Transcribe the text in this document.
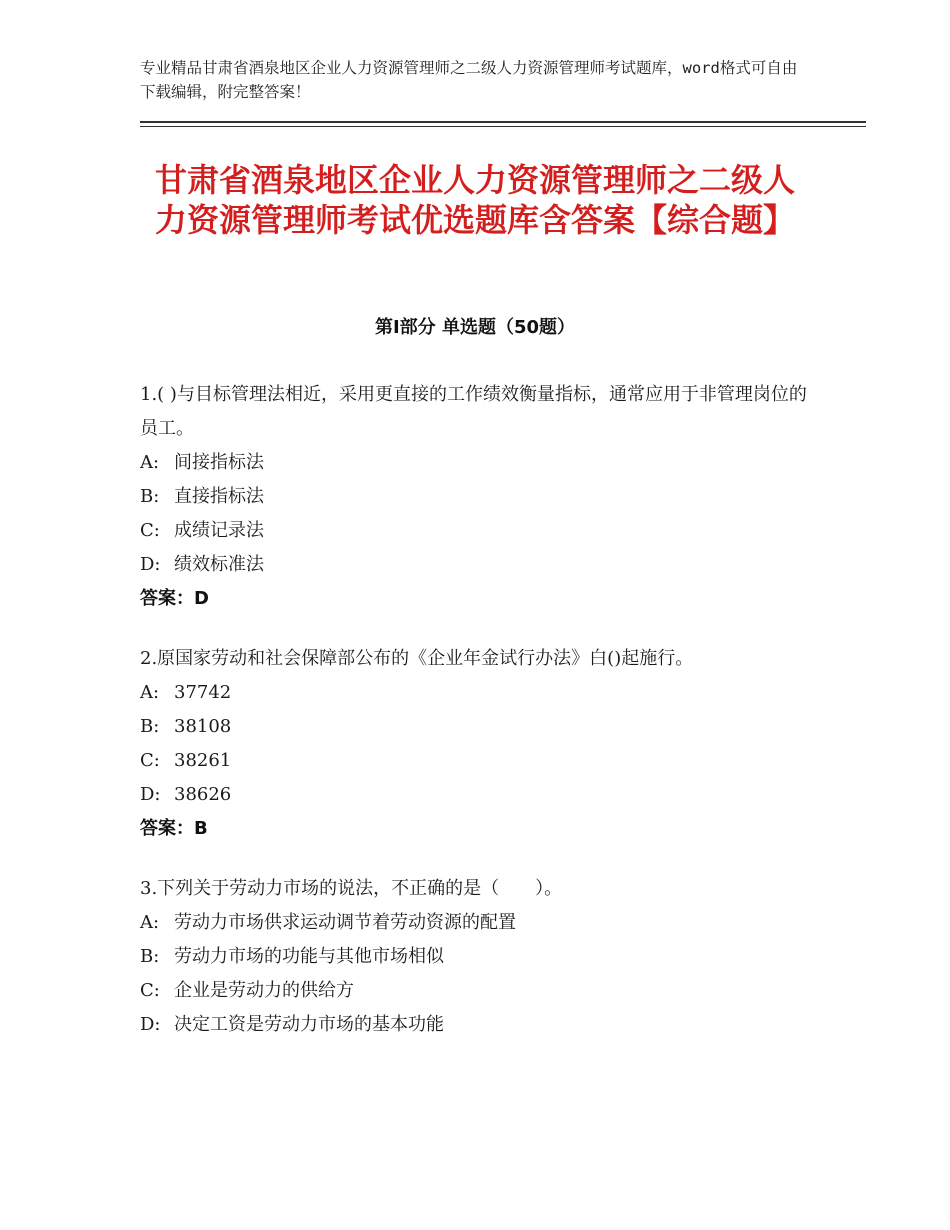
专业精品甘肃省酒泉地区企业人力资源管理师之二级人力资源管理师考试题库，word格式可自由下载编辑，附完整答案！
甘肃省酒泉地区企业人力资源管理师之二级人力资源管理师考试优选题库含答案【综合题】
第Ⅰ部分 单选题（50题）

1.( )与目标管理法相近，采用更直接的工作绩效衡量指标，通常应用于非管理岗位的员工。

A: 间接指标法
B: 直接指标法
C: 成绩记录法
D: 绩效标准法
答案：D

2.原国家劳动和社会保障部公布的《企业年金试行办法》白()起施行。

A: 37742
B: 38108
C: 38261
D: 38626
答案：B

3.下列关于劳动力市场的说法，不正确的是（　　）。

A: 劳动力市场供求运动调节着劳动资源的配置
B: 劳动力市场的功能与其他市场相似
C: 企业是劳动力的供给方
D: 决定工资是劳动力市场的基本功能
